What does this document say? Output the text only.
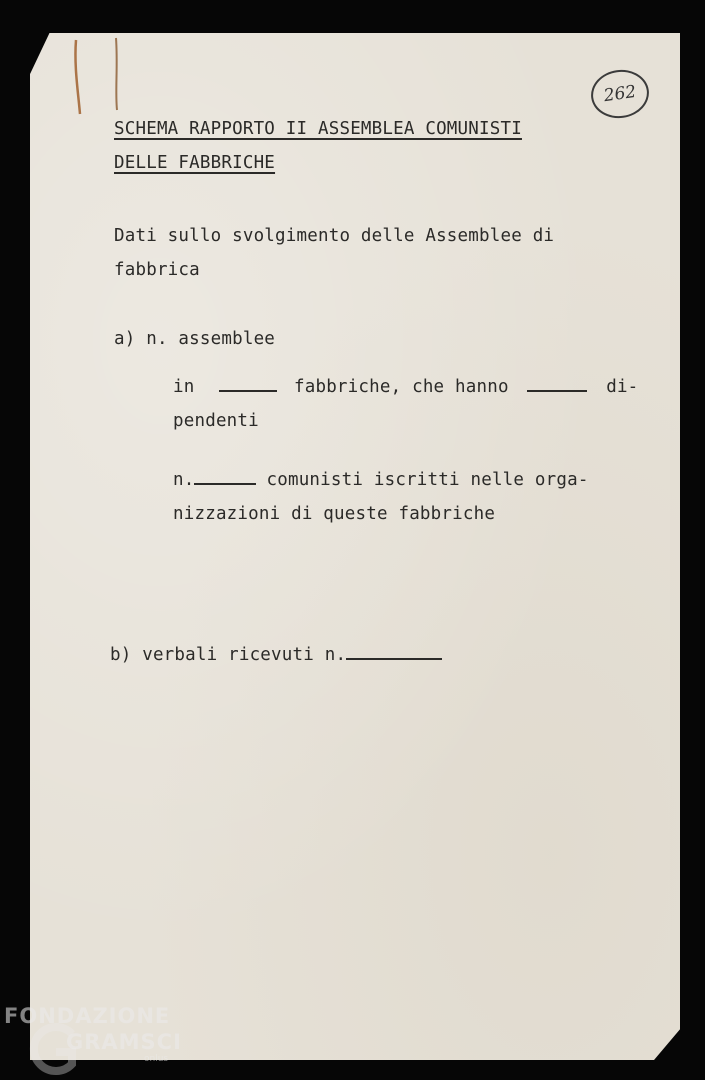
262
SCHEMA RAPPORTO II ASSEMBLEA COMUNISTI
DELLE FABBRICHE
Dati sullo svolgimento delle Assemblee di
fabbrica
a) n. assemblee
in	fabbriche, che hanno	di-
pendenti
n.	comunisti iscritti nelle orga-
nizzazioni di queste fabbriche
b) verbali ricevuti n.
FONDAZIONE
GRAMSCI
onlus
